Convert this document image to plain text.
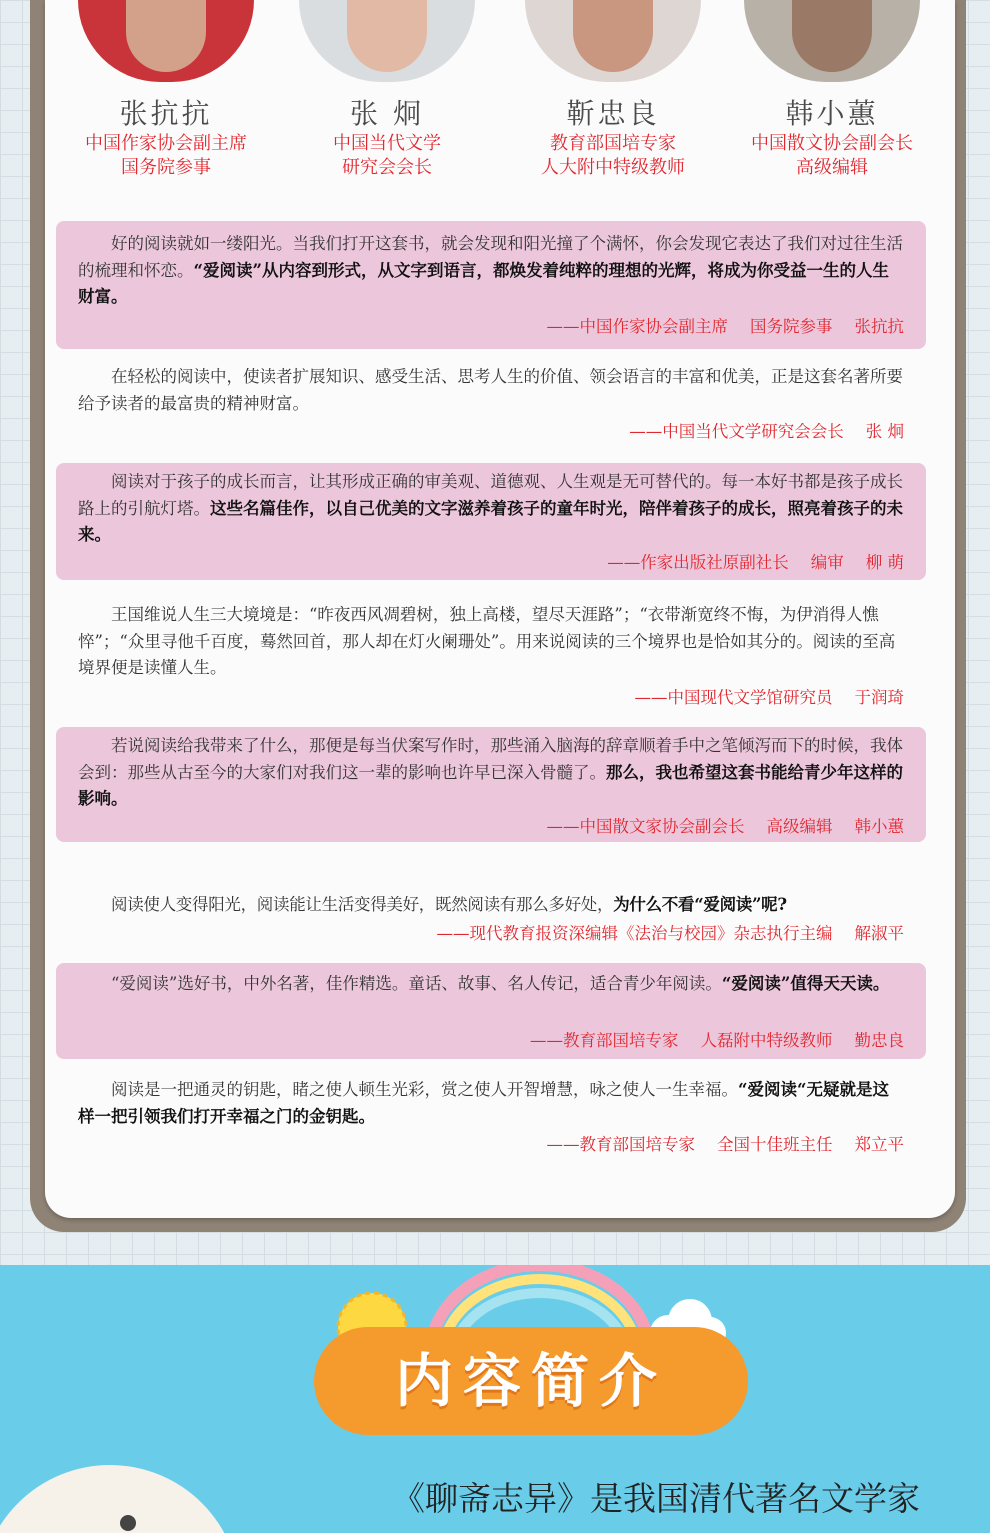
张抗抗
中国作家协会副主席
国务院参事
张 炯
中国当代文学
研究会会长
靳忠良
教育部国培专家
人大附中特级教师
韩小蕙
中国散文协会副会长
高级编辑

好的阅读就如一缕阳光。当我们打开这套书，就会发现和阳光撞了个满怀，你会发现它表达了我们对过往生活的梳理和怀恋。“爱阅读”从内容到形式，从文字到语言，都焕发着纯粹的理想的光辉，将成为你受益一生的人生财富。

——中国作家协会副主席 国务院参事 张抗抗

在轻松的阅读中，使读者扩展知识、感受生活、思考人生的价值、领会语言的丰富和优美，正是这套名著所要给予读者的最富贵的精神财富。

——中国当代文学研究会会长 张 炯

阅读对于孩子的成长而言，让其形成正确的审美观、道德观、人生观是无可替代的。每一本好书都是孩子成长路上的引航灯塔。这些名篇佳作，以自己优美的文字滋养着孩子的童年时光，陪伴着孩子的成长，照亮着孩子的未来。

——作家出版社原副社长 编审 柳 萌

王国维说人生三大境境是：“昨夜西风凋碧树，独上高楼，望尽天涯路”；“衣带渐宽终不悔，为伊消得人憔悴”；“众里寻他千百度，蓦然回首，那人却在灯火阑珊处”。用来说阅读的三个境界也是恰如其分的。阅读的至高境界便是读懂人生。

——中国现代文学馆研究员 于润琦

若说阅读给我带来了什么，那便是每当伏案写作时，那些涌入脑海的辞章顺着手中之笔倾泻而下的时候，我体会到：那些从古至今的大家们对我们这一辈的影响也许早已深入骨髓了。那么，我也希望这套书能给青少年这样的影响。

——中国散文家协会副会长 高级编辑 韩小蕙

阅读使人变得阳光，阅读能让生活变得美好，既然阅读有那么多好处，为什么不看“爱阅读”呢?

——现代教育报资深编辑《法治与校园》杂志执行主编 解淑平

“爱阅读”选好书，中外名著，佳作精选。童话、故事、名人传记，适合青少年阅读。“爱阅读”值得天天读。

——教育部国培专家 人磊附中特级教师 勤忠良

阅读是一把通灵的钥匙，睹之使人顿生光彩，赏之使人开智增慧，咏之使人一生幸福。“爱阅读“无疑就是这样一把引领我们打开幸福之门的金钥匙。

——教育部国培专家 全国十佳班主任 郑立平
内容简介
《聊斋志异》是我国清代著名文学家
